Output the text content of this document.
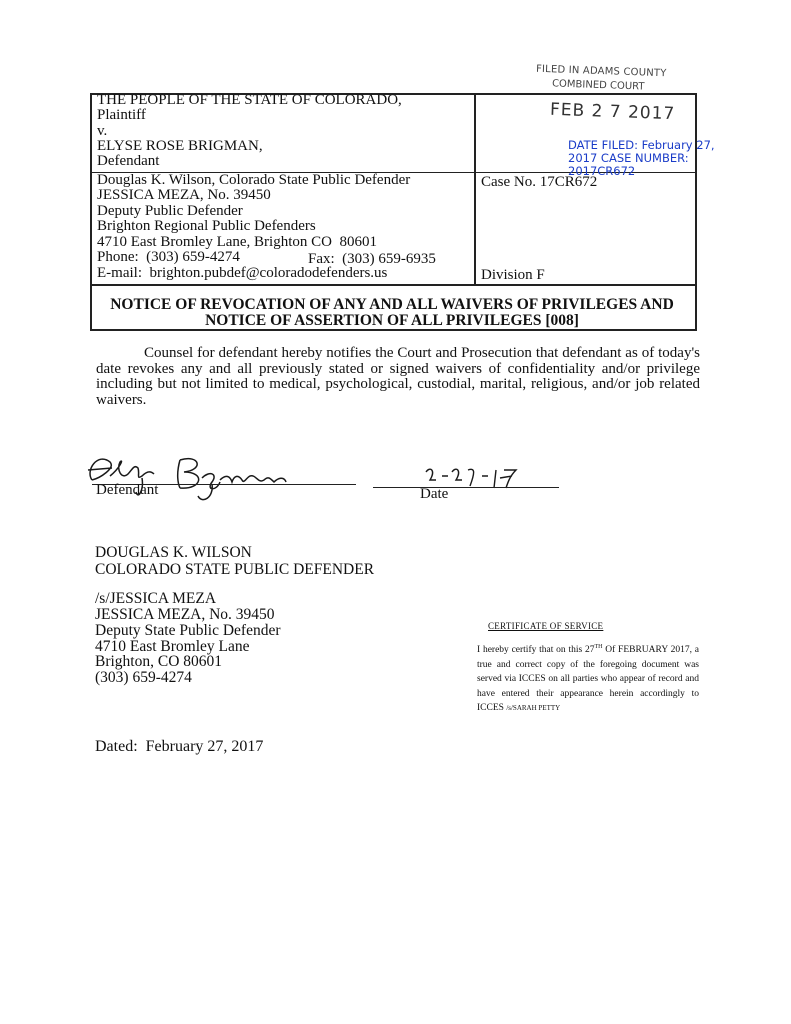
FILED IN ADAMS COUNTY
COMBINED COURT
FEB 2 7 2017
THE PEOPLE OF THE STATE OF COLORADO,
Plaintiff
v.
ELYSE ROSE BRIGMAN,
Defendant
Douglas K. Wilson, Colorado State Public Defender
JESSICA MEZA, No. 39450
Deputy Public Defender
Brighton Regional Public Defenders
4710 East Bromley Lane, Brighton CO  80601
Phone:  (303) 659-4274	Fax:  (303) 659-6935
E-mail:  brighton.pubdef@coloradodefenders.us
Case No. 17CR672
Division F
DATE FILED: February 27, 2017 CASE NUMBER: 2017CR672
NOTICE OF REVOCATION OF ANY AND ALL WAIVERS OF PRIVILEGES AND
NOTICE OF ASSERTION OF ALL PRIVILEGES [008]
Counsel for defendant hereby notifies the Court and Prosecution that defendant as of today's date revokes any and all previously stated or signed waivers of confidentiality and/or privilege including but not limited to medical, psychological, custodial, marital, religious, and/or job related waivers.
Defendant	Date
DOUGLAS K. WILSON
COLORADO STATE PUBLIC DEFENDER
/s/JESSICA MEZA
JESSICA MEZA, No. 39450
Deputy State Public Defender
4710 East Bromley Lane
Brighton, CO 80601
(303) 659-4274
Dated:  February 27, 2017
CERTIFICATE OF SERVICE
I hereby certify that on this 27TH Of FEBRUARY 2017, a true and correct copy of the foregoing document was served via ICCES on all parties who appear of record and have entered their appearance herein accordingly to ICCES /s/SARAH PETTY
